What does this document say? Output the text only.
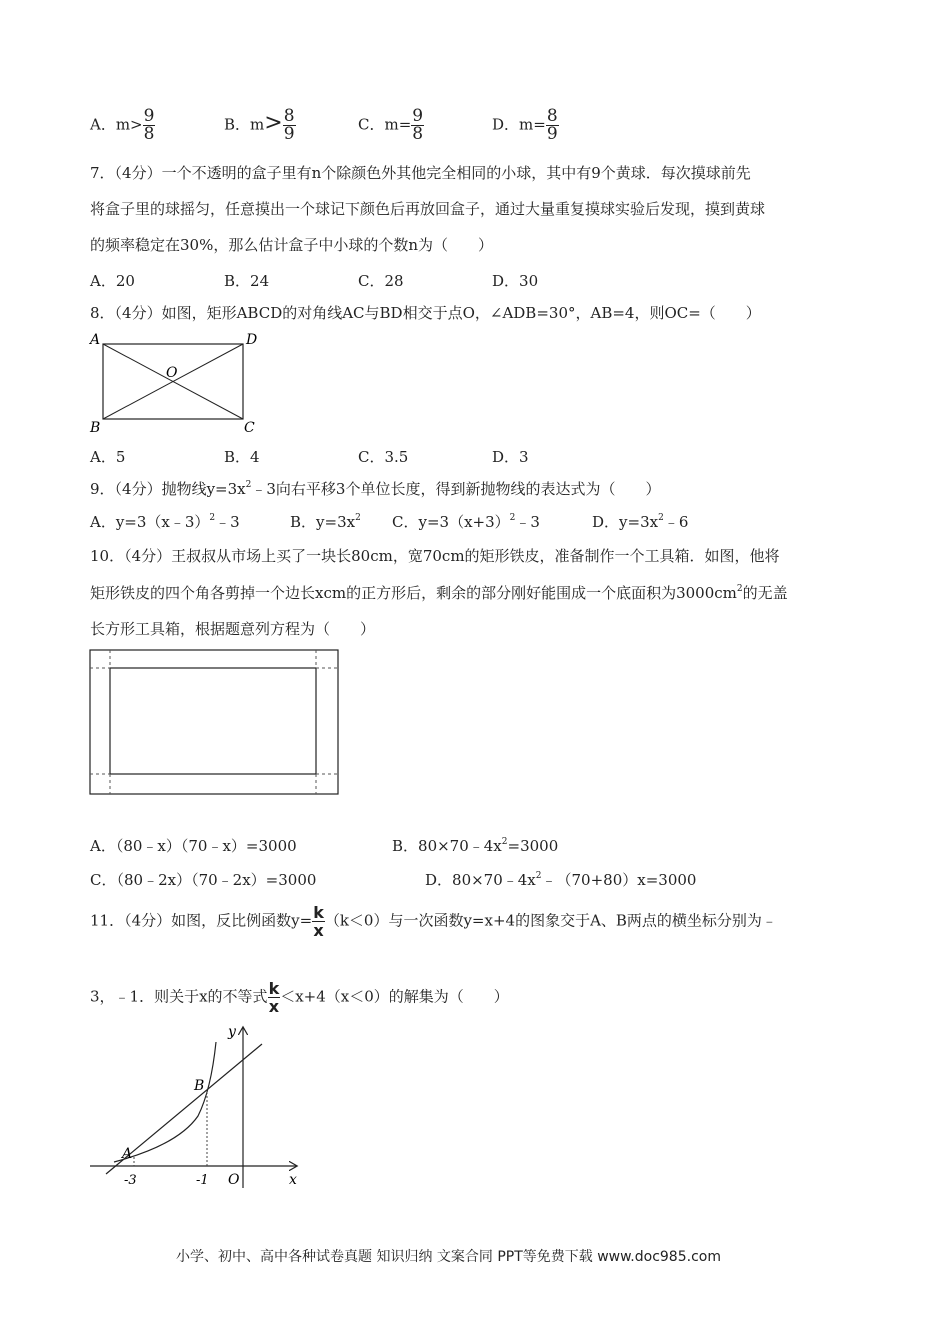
A．$m> \frac{9}{8}$	B．$m> \frac{8}{9}$	C．$m= \frac{9}{8}$	D．$m= \frac{8}{9}$
7．（4分）一个不透明的盒子里有n个除颜色外其他完全相同的小球，其中有9个黄球．每次摸球前先
将盒子里的球摇匀，任意摸出一个球记下颜色后再放回盒子，通过大量重复摸球实验后发现，摸到黄球
的频率稳定在30%，那么估计盒子中小球的个数n为（　　）
A．20	B．24	C．28	D．30
8．（4分）如图，矩形ABCD的对角线AC与BD相交于点O，∠ADB=30°，AB=4，则OC=（　　）
A	D
B	C
O
A．5	B．4	C．3.5	D．3
9．（4分）抛物线$y=3x^2﹣3$向右平移3个单位长度，得到新抛物线的表达式为（　　）
A．y=3（x﹣3）$^2$﹣3	B．$y=3x^2$ C．$y=3(x+3)^2﹣3$	D．$y=3x^2﹣6$
10．（4分）王叔叔从市场上买了一块长80cm，宽70cm的矩形铁皮，准备制作一个工具箱．如图，他将
矩形铁皮的四个角各剪掉一个边长xcm的正方形后，剩余的部分刚好能围成一个底面积为$3000cm^2$的无盖
长方形工具箱，根据题意列方程为（　　）
A．（80﹣x）（70﹣x）=3000	B．$80\times 70﹣4x^2=3000$
C．（80﹣2x）（70﹣2x）=3000	D．$80\times 70﹣4x^2﹣(70+80)x=3000$
11．（4分）如图，反比例函数$y= \frac{k}{x} (k<0)$与一次函数y=x+4的图象交于A、B两点的横坐标分别为﹣
3，﹣1．则关于x的不等式 $\frac{k}{x} <x+4(x<0)$的解集为（　　）
y
x
O
B
A
-3	-1
小学、初中、高中各种试卷真题 知识归纳 文案合同 PPT等免费下载 www.doc985.com
